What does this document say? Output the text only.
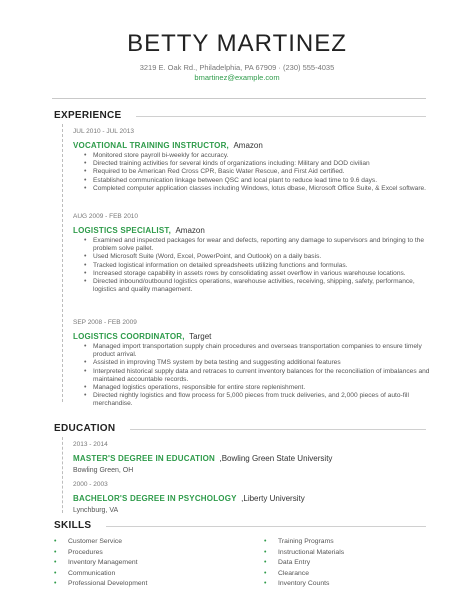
BETTY MARTINEZ
3219 E. Oak Rd., Philadelphia, PA 67909 · (230) 555-4035
bmartinez@example.com
EXPERIENCE
JUL 2010 - JUL 2013
VOCATIONAL TRAINING INSTRUCTOR, Amazon
• Monitored store payroll bi-weekly for accuracy.
• Directed training activities for several kinds of organizations including: Military and DOD civilian
• Required to be American Red Cross CPR, Basic Water Rescue, and First Aid certified.
• Established communication linkage between QSC and local plant to reduce lead time to 9.6 days.
• Completed computer application classes including Windows, lotus dbase, Microsoft Office Suite, & Excel software.
AUG 2009 - FEB 2010
LOGISTICS SPECIALIST, Amazon
• Examined and inspected packages for wear and defects, reporting any damage to supervisors and bringing to the problem solve pallet.
• Used Microsoft Suite (Word, Excel, PowerPoint, and Outlook) on a daily basis.
• Tracked logistical information on detailed spreadsheets utilizing functions and formulas.
• Increased storage capability in assets rows by consolidating asset overflow in various warehouse locations.
• Directed inbound/outbound logistics operations, warehouse activities, receiving, shipping, safety, performance, logistics and quality management.
SEP 2008 - FEB 2009
LOGISTICS COORDINATOR, Target
• Managed import transportation supply chain procedures and overseas transportation companies to ensure timely product arrival.
• Assisted in improving TMS system by beta testing and suggesting additional features
• Interpreted historical supply data and retraces to current inventory balances for the reconciliation of imbalances and maintained accountable records.
• Managed logistics operations, responsible for entire store replenishment.
• Directed nightly logistics and flow process for 5,000 pieces from truck deliveries, and 2,000 pieces of auto-fill merchandise.
EDUCATION
2013 - 2014
MASTER'S DEGREE IN EDUCATION ,Bowling Green State University
Bowling Green, OH
2000 - 2003
BACHELOR'S DEGREE IN PSYCHOLOGY ,Liberty University
Lynchburg, VA
SKILLS
• Customer Service
• Procedures
• Inventory Management
• Communication
• Professional Development
• Training Programs
• Instructional Materials
• Data Entry
• Clearance
• Inventory Counts
